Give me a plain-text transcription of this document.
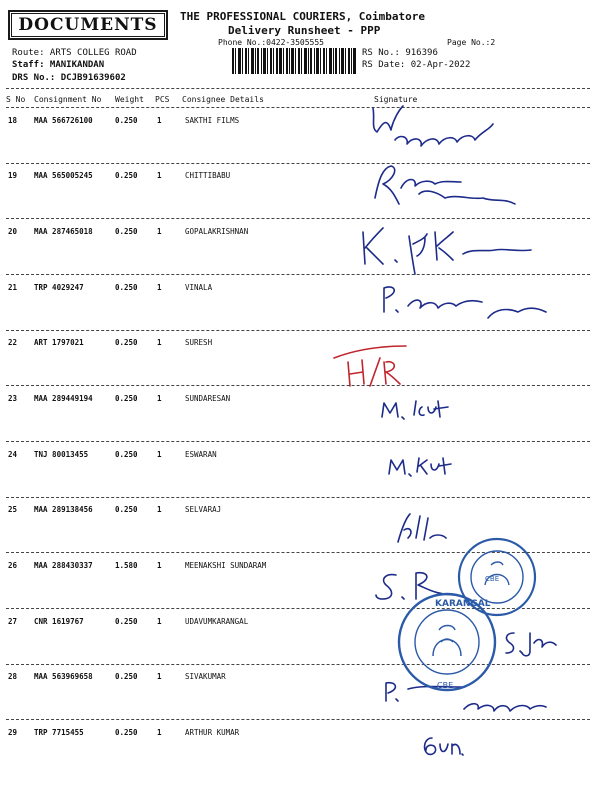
DOCUMENTS	THE PROFESSIONAL COURIERS, Coimbatore
Delivery Runsheet - PPP
Phone No.:0422-3505555	Page No.:2
Route: ARTS COLLEG ROAD
Staff: MANIKANDAN
DRS No.: DCJB91639602
RS No.: 916396
RS Date: 02-Apr-2022
S No Consignment No Weight PCS Consignee Details	Signature
18 MAA 566726100	0.250	1	SAKTHI FILMS
19 MAA 565005245	0.250	1	CHITTIBABU
20 MAA 287465018	0.250	1	GOPALAKRISHNAN
21 TRP 4029247	0.250	1	VINALA
22 ART 1797021	0.250	1	SURESH
23 MAA 289449194	0.250	1	SUNDARESAN
24 TNJ 80013455	0.250	1	ESWARAN
25 MAA 289138456	0.250	1	SELVARAJ
26 MAA 288430337	1.580	1	MEENAKSHI SUNDARAM
27 CNR 1619767	0.250	1	UDAVUMKARANGAL
28 MAA 563969658	0.250	1	SIVAKUMAR
29 TRP 7715455	0.250	1	ARTHUR KUMAR
CBE
KARANGAL
CBE
